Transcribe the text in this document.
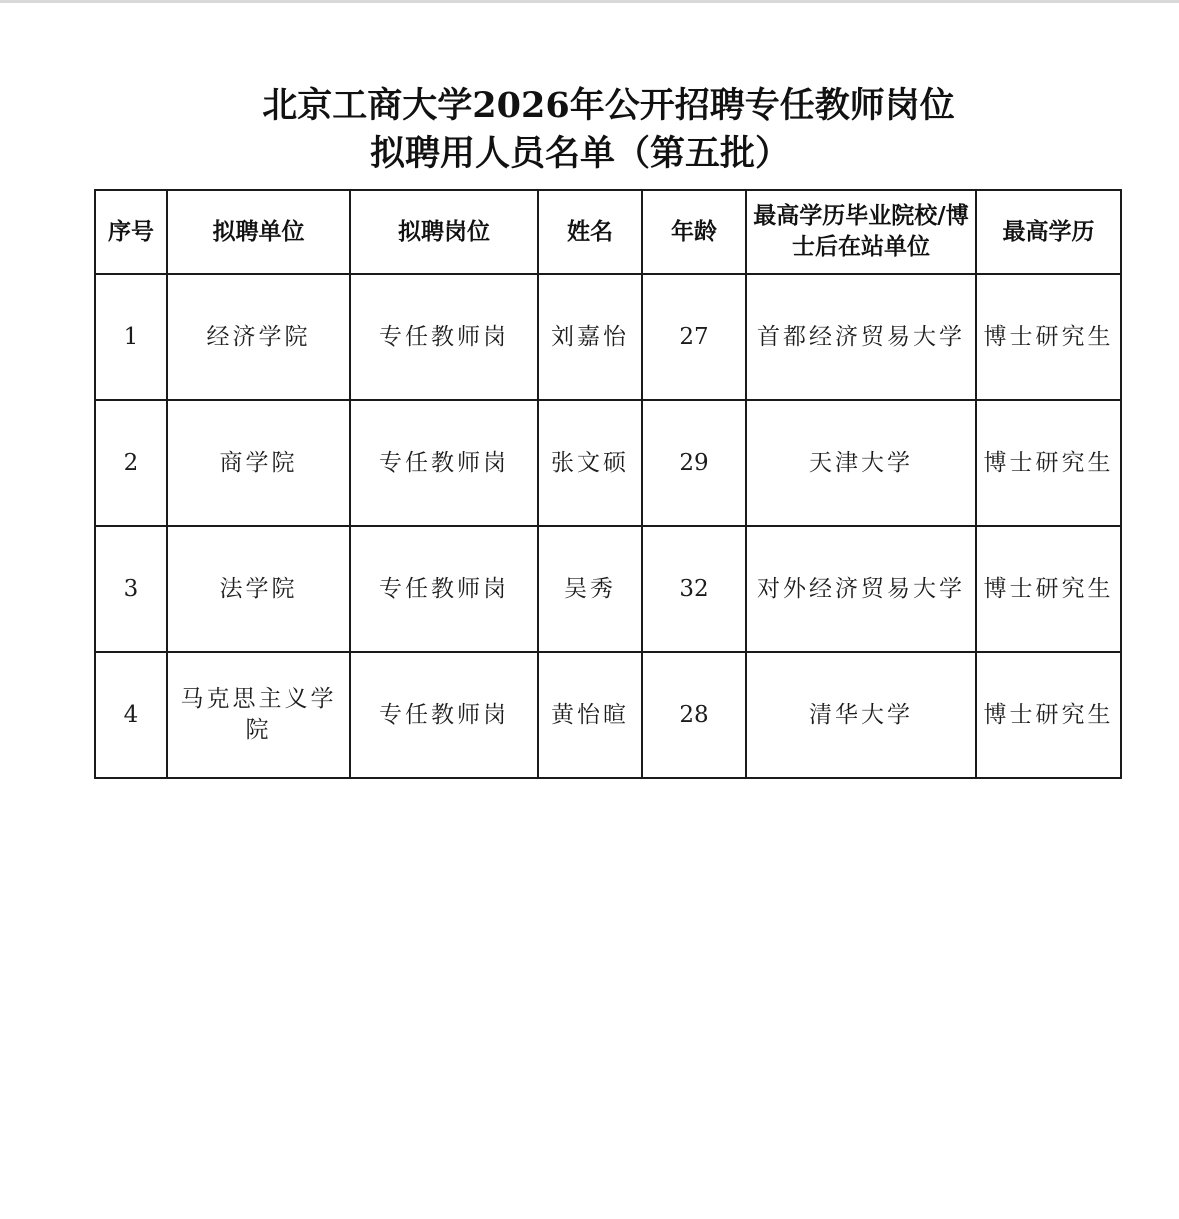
北京工商大学2026年公开招聘专任教师岗位
拟聘用人员名单（第五批）
序号	拟聘单位	拟聘岗位	姓名	年龄	最高学历毕业院校/博士后在站单位	最高学历
1	经济学院	专任教师岗	刘嘉怡	27	首都经济贸易大学	博士研究生
2	商学院	专任教师岗	张文硕	29	天津大学	博士研究生
3	法学院	专任教师岗	吴秀	32	对外经济贸易大学	博士研究生
4	马克思主义学院	专任教师岗	黄怡暄	28	清华大学	博士研究生
